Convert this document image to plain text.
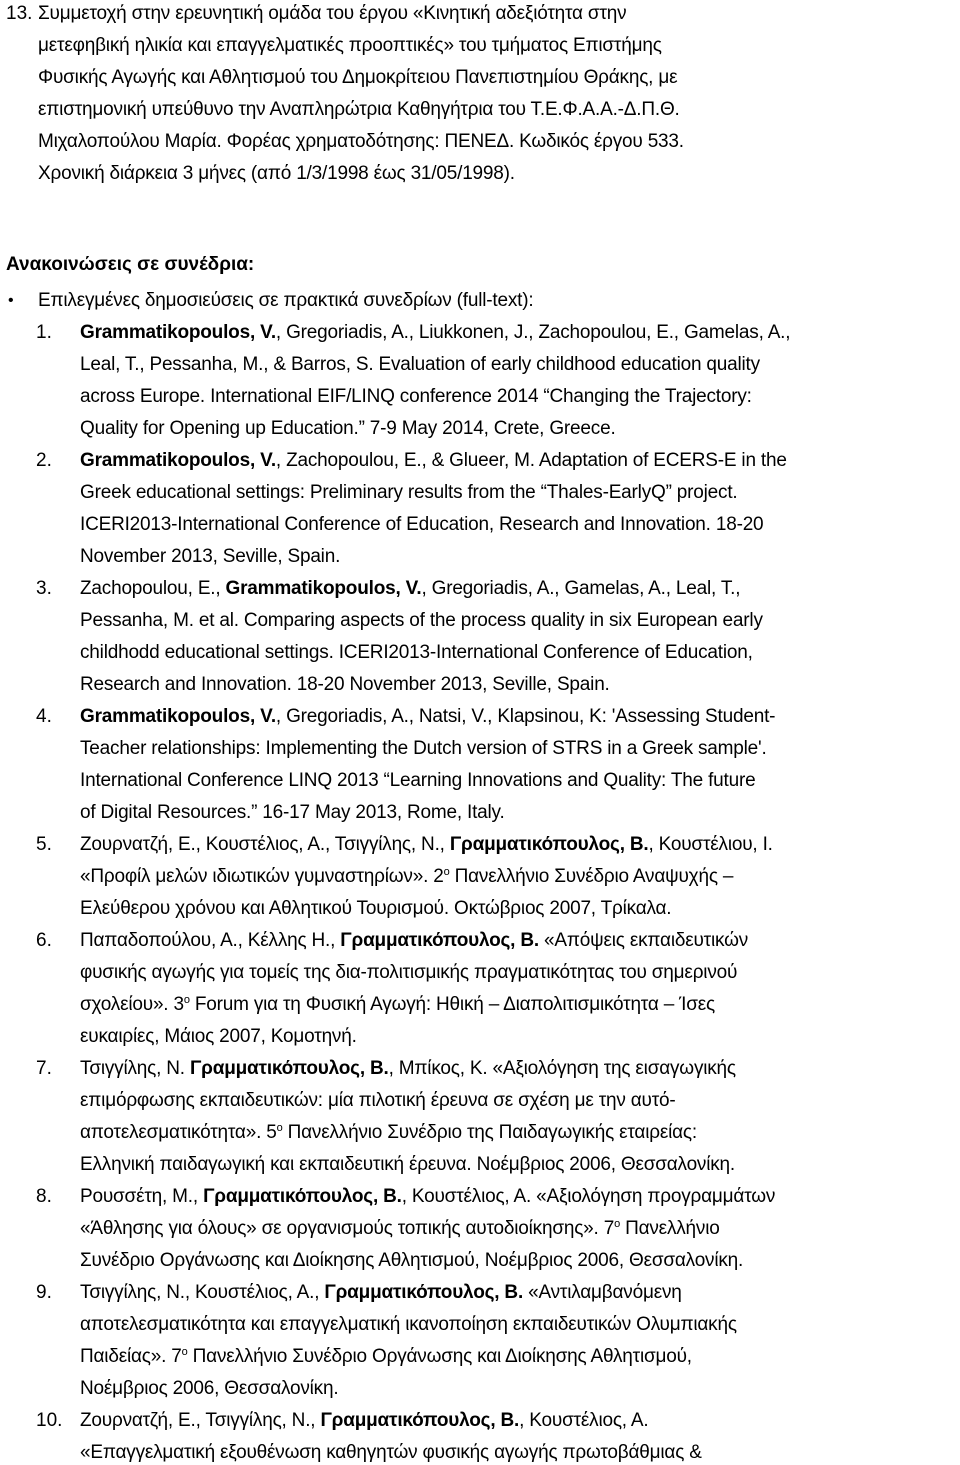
13. Συμμετοχή στην ερευνητική ομάδα του έργου «Κινητική αδεξιότητα στην
μετεφηβική ηλικία και επαγγελματικές προοπτικές» του τμήματος Επιστήμης
Φυσικής Αγωγής και Αθλητισμού του Δημοκρίτειου Πανεπιστημίου Θράκης, με
επιστημονική υπεύθυνο την Αναπληρώτρια Καθηγήτρια του Τ.Ε.Φ.Α.Α.-Δ.Π.Θ.
Μιχαλοπούλου Μαρία. Φορέας χρηματοδότησης: ΠΕΝΕΔ. Κωδικός έργου 533.
Χρονική διάρκεια 3 μήνες (από 1/3/1998 έως 31/05/1998).
Ανακοινώσεις σε συνέδρια:
• Επιλεγμένες δημοσιεύσεις σε πρακτικά συνεδρίων (full-text):
1. Grammatikopoulos, V., Gregoriadis, A., Liukkonen, J., Zachopoulou, E., Gamelas, A.,
Leal, T., Pessanha, M., & Barros, S. Evaluation of early childhood education quality
across Europe. International EIF/LINQ conference 2014 “Changing the Trajectory:
Quality for Opening up Education.” 7-9 May 2014, Crete, Greece.
2. Grammatikopoulos, V., Zachopoulou, E., & Glueer, M. Adaptation of ECERS-E in the
Greek educational settings: Preliminary results from the “Thales-EarlyQ” project.
ICERI2013-International Conference of Education, Research and Innovation. 18-20
November 2013, Seville, Spain.
3. Zachopoulou, E., Grammatikopoulos, V., Gregoriadis, A., Gamelas, A., Leal, T.,
Pessanha, M. et al. Comparing aspects of the process quality in six European early
childhodd educational settings. ICERI2013-International Conference of Education,
Research and Innovation. 18-20 November 2013, Seville, Spain.
4. Grammatikopoulos, V., Gregoriadis, A., Natsi, V., Klapsinou, K: 'Assessing Student-
Teacher relationships: Implementing the Dutch version of STRS in a Greek sample'.
International Conference LINQ 2013 “Learning Innovations and Quality: The future
of Digital Resources.” 16-17 May 2013, Rome, Italy.
5. Ζουρνατζή, Ε., Κουστέλιος, Α., Τσιγγίλης, Ν., Γραμματικόπουλος, Β., Κουστέλιου, Ι.
«Προφίλ μελών ιδιωτικών γυμναστηρίων». $2^o$ Πανελλήνιο Συνέδριο Αναψυχής –
Ελεύθερου χρόνου και Αθλητικού Τουρισμού. Οκτώβριος 2007, Τρίκαλα.
6. Παπαδοπούλου, Α., Κέλλης Η., Γραμματικόπουλος, Β. «Απόψεις εκπαιδευτικών
φυσικής αγωγής για τομείς της δια-πολιτισμικής πραγματικότητας του σημερινού
σχολείου». $3^o$ Forum για τη Φυσική Αγωγή: Ηθική – Διαπολιτισμικότητα – Ίσες
ευκαιρίες, Μάιος 2007, Κομοτηνή.
7. Τσιγγίλης, Ν. Γραμματικόπουλος, Β., Μπίκος, Κ. «Αξιολόγηση της εισαγωγικής
επιμόρφωσης εκπαιδευτικών: μία πιλοτική έρευνα σε σχέση με την αυτό-
αποτελεσματικότητα». $5^o$ Πανελλήνιο Συνέδριο της Παιδαγωγικής εταιρείας:
Ελληνική παιδαγωγική και εκπαιδευτική έρευνα. Νοέμβριος 2006, Θεσσαλονίκη.
8. Ρουσσέτη, Μ., Γραμματικόπουλος, Β., Κουστέλιος, Α. «Αξιολόγηση προγραμμάτων
«Άθλησης για όλους» σε οργανισμούς τοπικής αυτοδιοίκησης». $7^o$ Πανελλήνιο
Συνέδριο Οργάνωσης και Διοίκησης Αθλητισμού, Νοέμβριος 2006, Θεσσαλονίκη.
9. Τσιγγίλης, Ν., Κουστέλιος, Α., Γραμματικόπουλος, Β. «Αντιλαμβανόμενη
αποτελεσματικότητα και επαγγελματική ικανοποίηση εκπαιδευτικών Ολυμπιακής
Παιδείας». $7^o$ Πανελλήνιο Συνέδριο Οργάνωσης και Διοίκησης Αθλητισμού,
Νοέμβριος 2006, Θεσσαλονίκη.
10. Ζουρνατζή, Ε., Τσιγγίλης, Ν., Γραμματικόπουλος, Β., Κουστέλιος, Α.
«Επαγγελματική εξουθένωση καθηγητών φυσικής αγωγής πρωτοβάθμιας &
